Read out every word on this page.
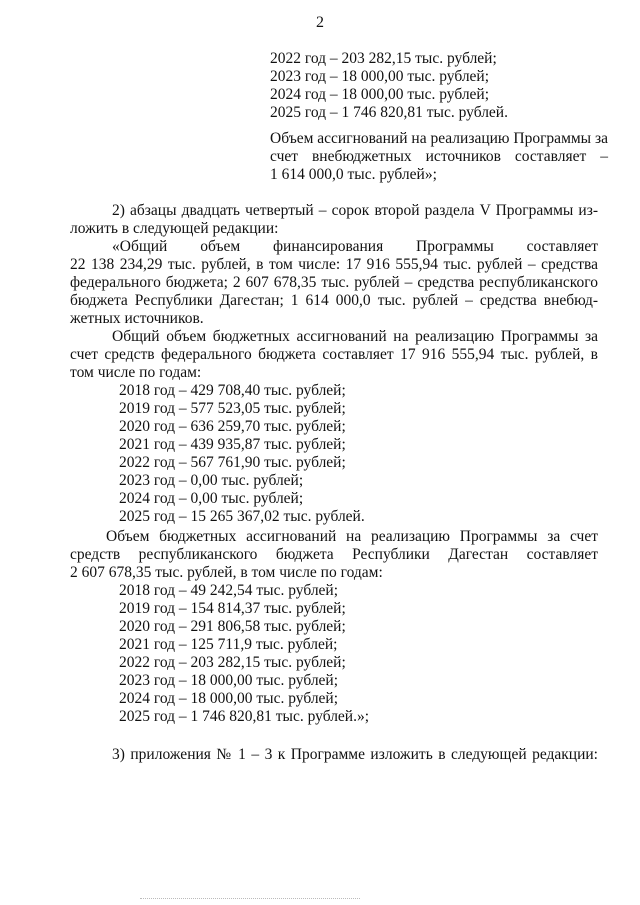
2
2022 год – 203 282,15 тыс. рублей;
2023 год – 18 000,00 тыс. рублей;
2024 год – 18 000,00 тыс. рублей;
2025 год – 1 746 820,81 тыс. рублей.
Объем ассигнований на реализацию Программы за
счет внебюджетных источников составляет –
1 614 000,0 тыс. рублей»;
2) абзацы двадцать четвертый – сорок второй раздела V Программы из-
ложить в следующей редакции:
«Общий объем финансирования Программы составляет
22 138 234,29 тыс. рублей, в том числе: 17 916 555,94 тыс. рублей – средства
федерального бюджета; 2 607 678,35 тыс. рублей – средства республиканского
бюджета Республики Дагестан; 1 614 000,0 тыс. рублей – средства внебюд-
жетных источников.
Общий объем бюджетных ассигнований на реализацию Программы за
счет средств федерального бюджета составляет 17 916 555,94 тыс. рублей, в
том числе по годам:
2018 год – 429 708,40 тыс. рублей;
2019 год – 577 523,05 тыс. рублей;
2020 год – 636 259,70 тыс. рублей;
2021 год – 439 935,87 тыс. рублей;
2022 год – 567 761,90 тыс. рублей;
2023 год – 0,00 тыс. рублей;
2024 год – 0,00 тыс. рублей;
2025 год – 15 265 367,02 тыс. рублей.
Объем бюджетных ассигнований на реализацию Программы за счет
средств республиканского бюджета Республики Дагестан составляет
2 607 678,35 тыс. рублей, в том числе по годам:
2018 год – 49 242,54 тыс. рублей;
2019 год – 154 814,37 тыс. рублей;
2020 год – 291 806,58 тыс. рублей;
2021 год – 125 711,9 тыс. рублей;
2022 год – 203 282,15 тыс. рублей;
2023 год – 18 000,00 тыс. рублей;
2024 год – 18 000,00 тыс. рублей;
2025 год – 1 746 820,81 тыс. рублей.»;
3) приложения № 1 – 3 к Программе изложить в следующей редакции:
